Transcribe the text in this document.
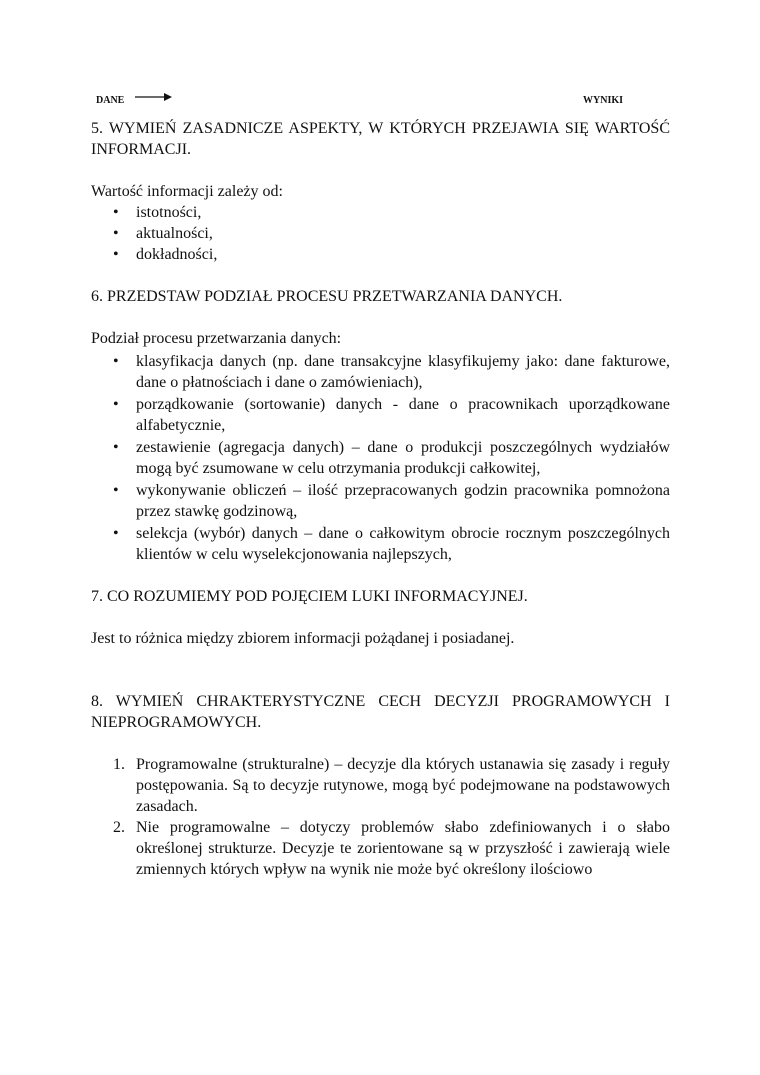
DANE	WYNIKI

5. WYMIEŃ ZASADNICZE ASPEKTY, W KTÓRYCH PRZEJAWIA SIĘ WARTOŚĆ INFORMACJI.

Wartość informacji zależy od:

• istotności,
• aktualności,
• dokładności,

6. PRZEDSTAW PODZIAŁ PROCESU PRZETWARZANIA DANYCH.

Podział procesu przetwarzania danych:

• klasyfikacja danych (np. dane transakcyjne klasyfikujemy jako: dane fakturowe, dane o płatnościach i dane o zamówieniach),
• porządkowanie (sortowanie) danych - dane o pracownikach uporządkowane alfabetycznie,
• zestawienie (agregacja danych) – dane o produkcji poszczególnych wydziałów mogą być zsumowane w celu otrzymania produkcji całkowitej,
• wykonywanie obliczeń – ilość przepracowanych godzin pracownika pomnożona przez stawkę godzinową,
• selekcja (wybór) danych – dane o całkowitym obrocie rocznym poszczególnych klientów w celu wyselekcjonowania najlepszych,

7. CO ROZUMIEMY POD POJĘCIEM LUKI INFORMACYJNEJ.

Jest to różnica między zbiorem informacji pożądanej i posiadanej.

8. WYMIEŃ CHRAKTERYSTYCZNE CECH DECYZJI PROGRAMOWYCH I NIEPROGRAMOWYCH.

1. Programowalne (strukturalne) – decyzje dla których ustanawia się zasady i reguły postępowania. Są to decyzje rutynowe, mogą być podejmowane na podstawowych zasadach.
2. Nie programowalne – dotyczy problemów słabo zdefiniowanych i o słabo określonej strukturze. Decyzje te zorientowane są w przyszłość i zawierają wiele zmiennych których wpływ na wynik nie może być określony ilościowo
